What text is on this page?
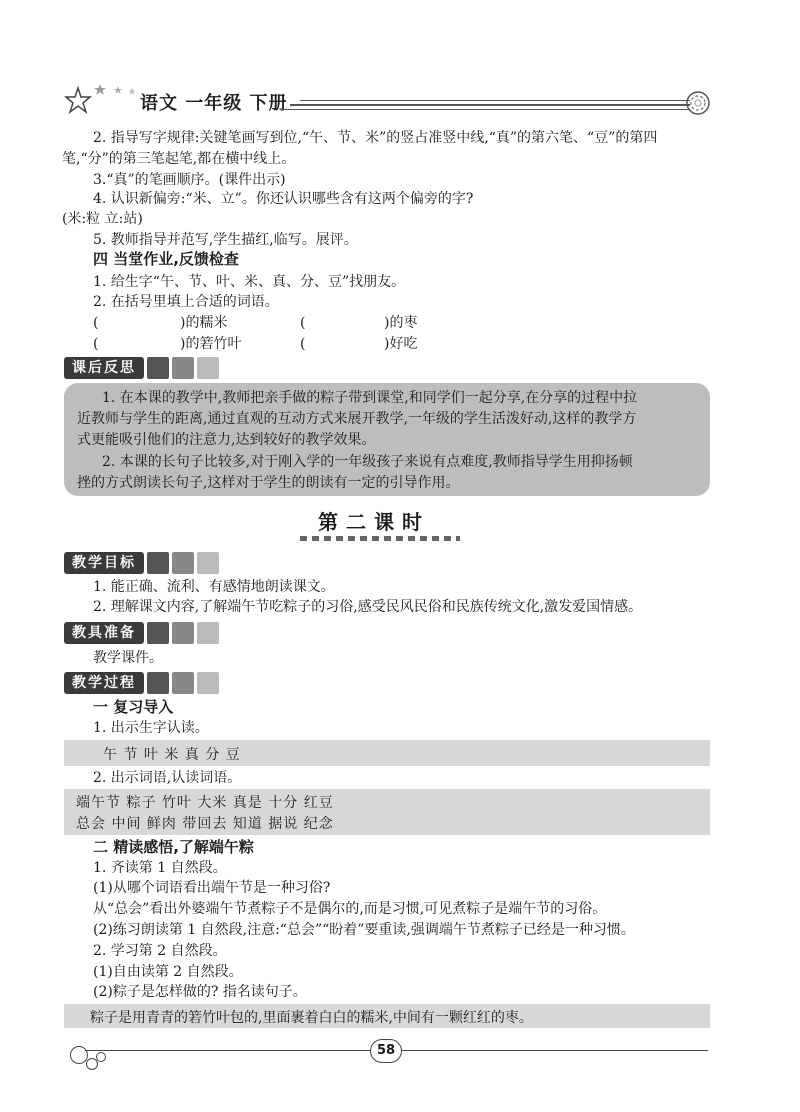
语文 一年级 下册
2. 指导写字规律:关键笔画写到位,“午、节、米”的竖占准竖中线,“真”的第六笔、“豆”的第四
笔,“分”的第三笔起笔,都在横中线上。
3.“真”的笔画顺序。(课件出示)
4. 认识新偏旁:“米、立”。你还认识哪些含有这两个偏旁的字?
(米:粒 立:站)
5. 教师指导并范写,学生描红,临写。展评。
四 当堂作业,反馈检查
1. 给生字“午、节、叶、米、真、分、豆”找朋友。
2. 在括号里填上合适的词语。
(	)的糯米	(	)的枣
(	)的箬竹叶	(	)好吃
课后反思
1. 在本课的教学中,教师把亲手做的粽子带到课堂,和同学们一起分享,在分享的过程中拉
近教师与学生的距离,通过直观的互动方式来展开教学,一年级的学生活泼好动,这样的教学方
式更能吸引他们的注意力,达到较好的教学效果。
2. 本课的长句子比较多,对于刚入学的一年级孩子来说有点难度,教师指导学生用抑扬顿
挫的方式朗读长句子,这样对于学生的朗读有一定的引导作用。
第二课时
教学目标
1. 能正确、流利、有感情地朗读课文。
2. 理解课文内容,了解端午节吃粽子的习俗,感受民风民俗和民族传统文化,激发爱国情感。
教具准备
教学课件。
教学过程
一 复习导入
1. 出示生字认读。
午 节 叶 米 真 分 豆
2. 出示词语,认读词语。
端午节 粽子 竹叶 大米 真是 十分 红豆
总会 中间 鲜肉 带回去 知道 据说 纪念
二 精读感悟,了解端午粽
1. 齐读第 1 自然段。
(1)从哪个词语看出端午节是一种习俗?
从“总会”看出外婆端午节煮粽子不是偶尔的,而是习惯,可见煮粽子是端午节的习俗。
(2)练习朗读第 1 自然段,注意:“总会”“盼着”要重读,强调端午节煮粽子已经是一种习惯。
2. 学习第 2 自然段。
(1)自由读第 2 自然段。
(2)粽子是怎样做的? 指名读句子。
粽子是用青青的箬竹叶包的,里面裹着白白的糯米,中间有一颗红红的枣。
58
